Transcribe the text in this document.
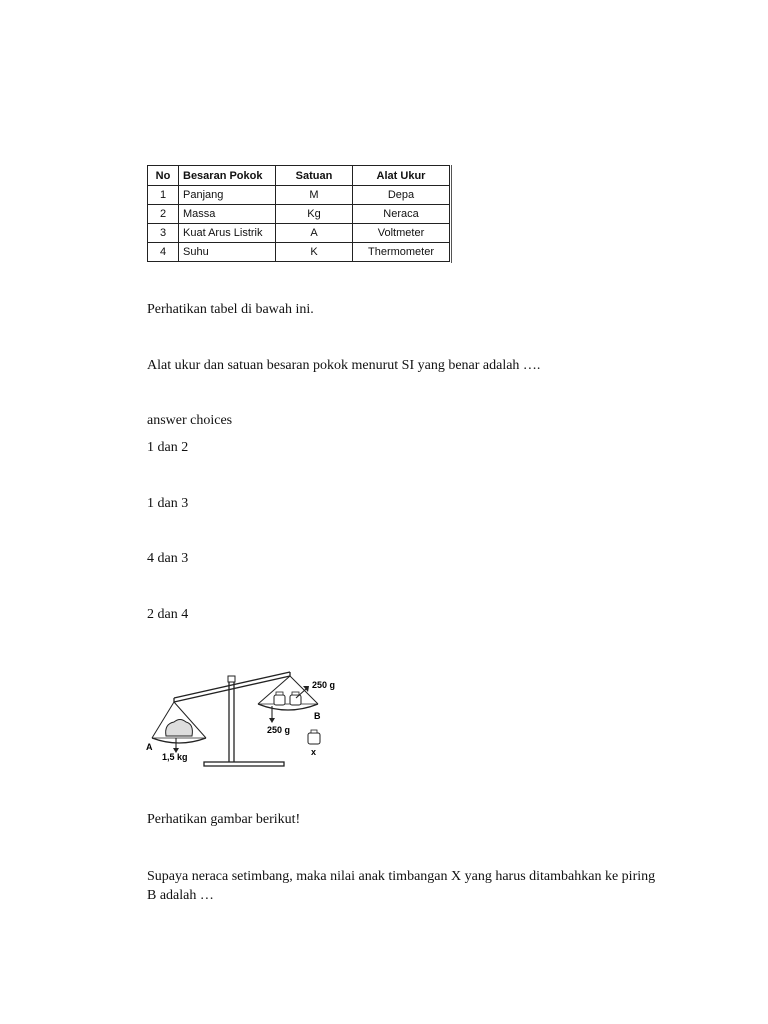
No	Besaran Pokok	Satuan	Alat Ukur
1	Panjang	M	Depa
2	Massa	Kg	Neraca
3	Kuat Arus Listrik	A	Voltmeter
4	Suhu	K	Thermometer
Perhatikan tabel di bawah ini.
Alat ukur dan satuan besaran pokok menurut SI yang benar adalah ….
answer choices
1 dan 2
1 dan 3
4 dan 3
2 dan 4
250 g
B
250 g
A
1,5 kg	x
Perhatikan gambar berikut!
Supaya neraca setimbang, maka nilai anak timbangan X yang harus ditambahkan ke piring B adalah …
